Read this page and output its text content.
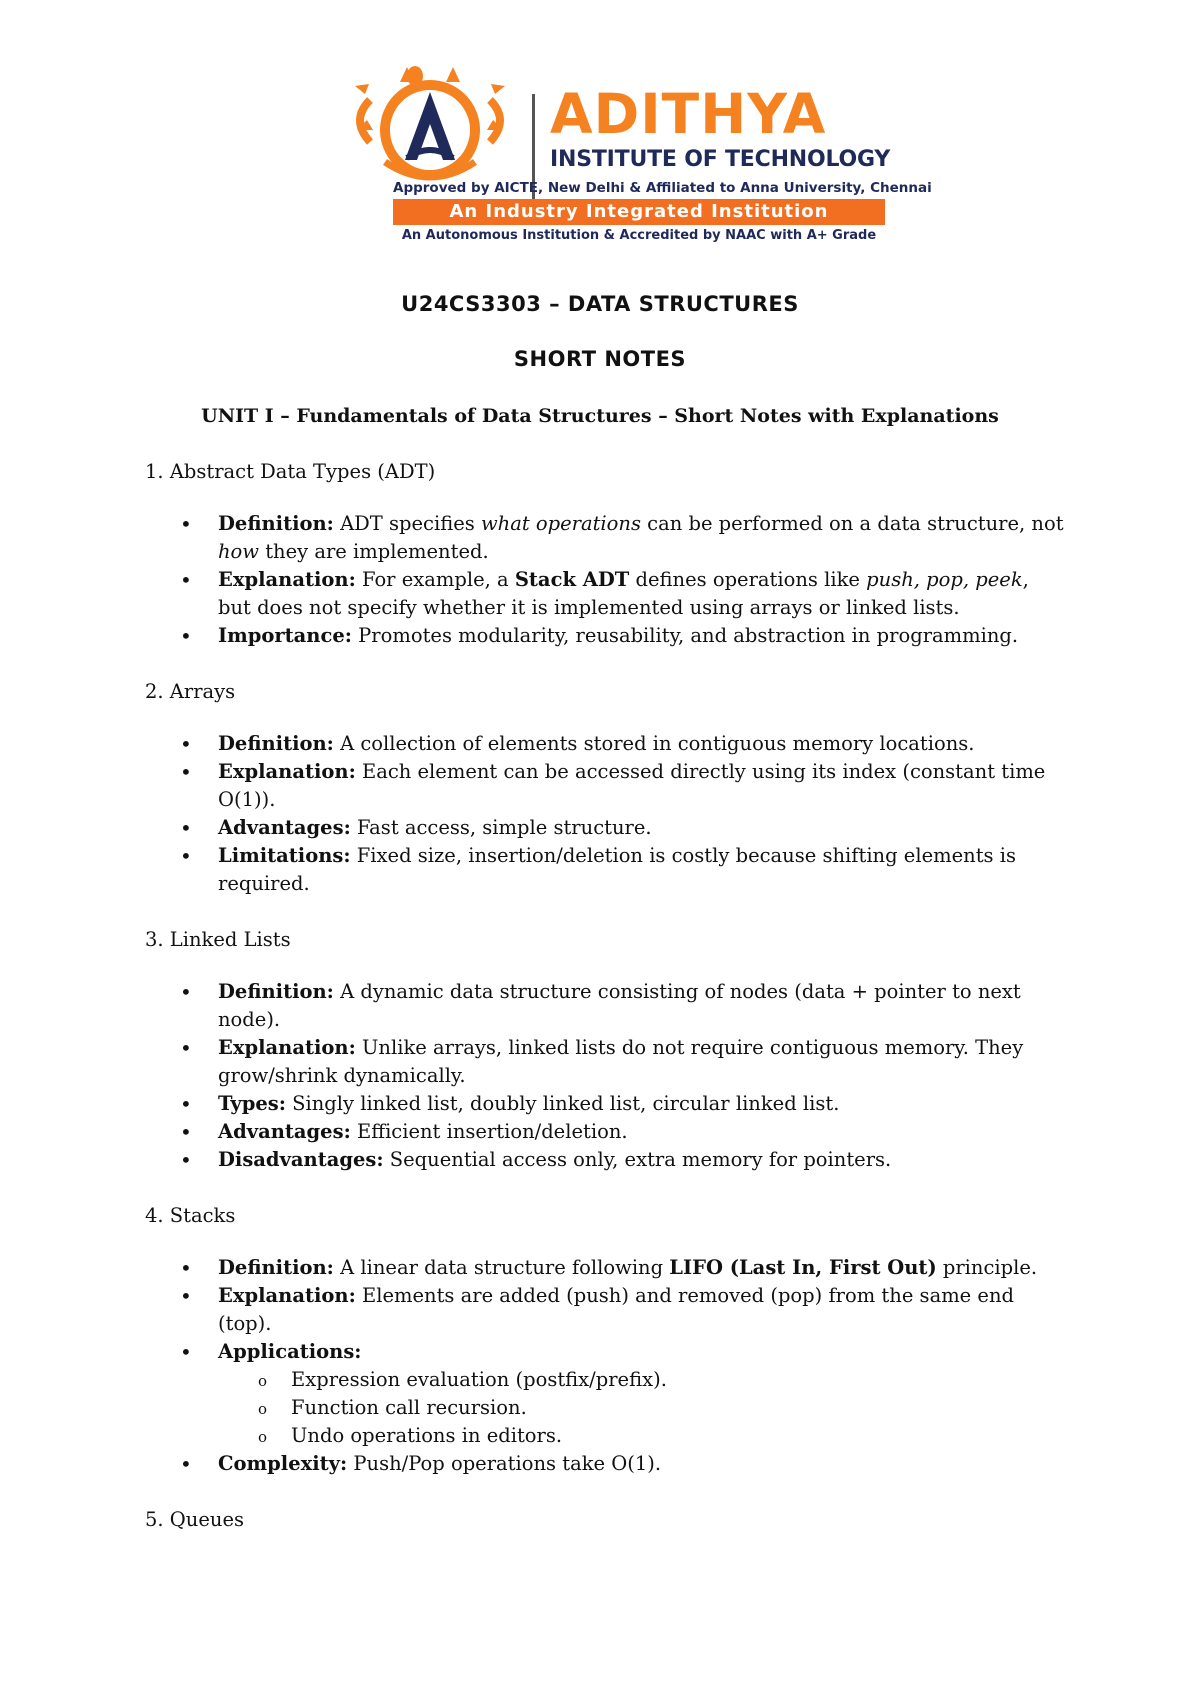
ADITHYA
INSTITUTE OF TECHNOLOGY
Approved by AICTE, New Delhi & Affiliated to Anna University, Chennai
An Industry Integrated Institution
An Autonomous Institution & Accredited by NAAC with A+ Grade
U24CS3303 – DATA STRUCTURES
SHORT NOTES
UNIT I – Fundamentals of Data Structures – Short Notes with Explanations

1. Abstract Data Types (ADT)

• Definition: ADT specifies what operations can be performed on a data structure, not how they are implemented.
• Explanation: For example, a Stack ADT defines operations like push, pop, peek, but does not specify whether it is implemented using arrays or linked lists.
• Importance: Promotes modularity, reusability, and abstraction in programming.

2. Arrays

• Definition: A collection of elements stored in contiguous memory locations.
• Explanation: Each element can be accessed directly using its index (constant time O(1)).
• Advantages: Fast access, simple structure.
• Limitations: Fixed size, insertion/deletion is costly because shifting elements is required.

3. Linked Lists

• Definition: A dynamic data structure consisting of nodes (data + pointer to next node).
• Explanation: Unlike arrays, linked lists do not require contiguous memory. They grow/shrink dynamically.
• Types: Singly linked list, doubly linked list, circular linked list.
• Advantages: Efficient insertion/deletion.
• Disadvantages: Sequential access only, extra memory for pointers.

4. Stacks

• Definition: A linear data structure following LIFO (Last In, First Out) principle.
• Explanation: Elements are added (push) and removed (pop) from the same end (top).
• Applications:
o Expression evaluation (postfix/prefix).
o Function call recursion.
o Undo operations in editors.
• Complexity: Push/Pop operations take O(1).

5. Queues
